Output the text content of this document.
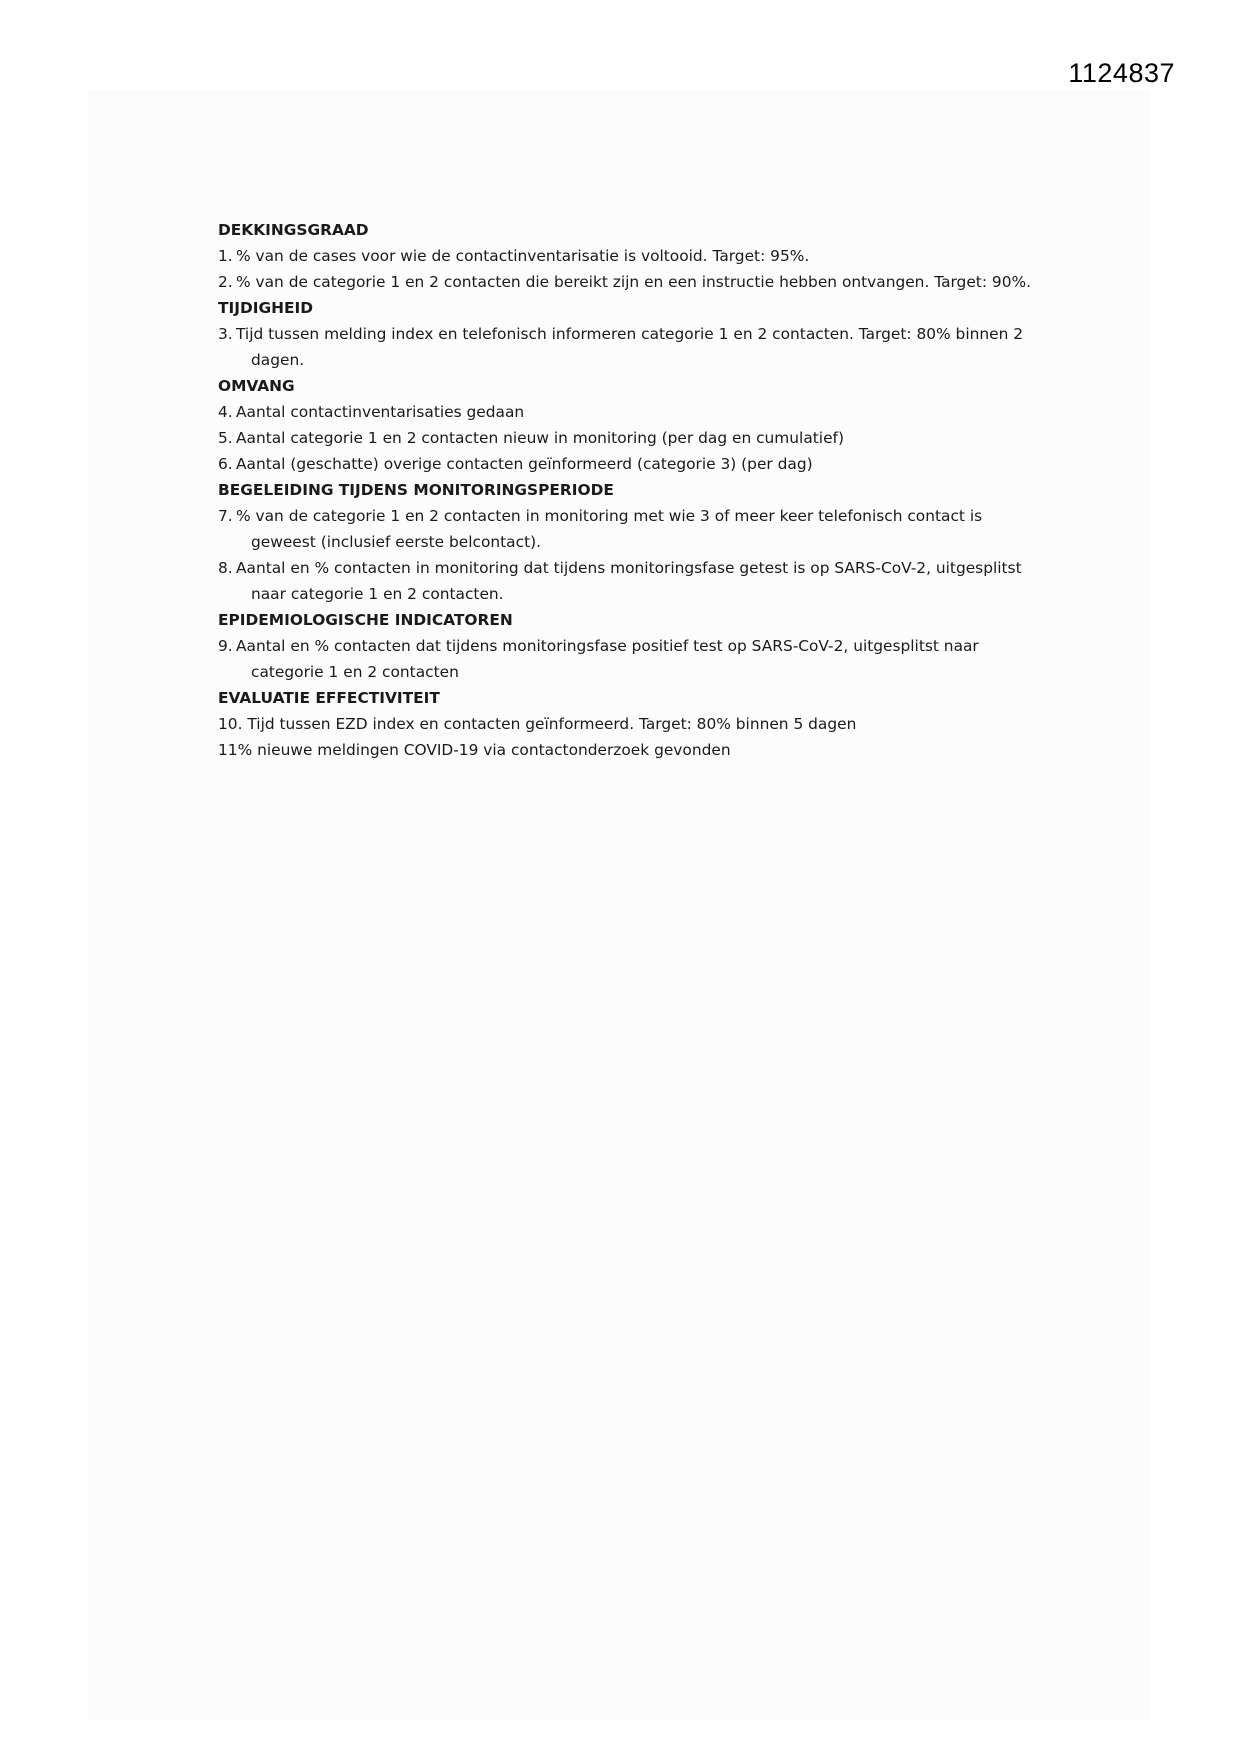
1124837

DEKKINGSGRAAD

1. % van de cases voor wie de contactinventarisatie is voltooid. Target: 95%.

2. % van de categorie 1 en 2 contacten die bereikt zijn en een instructie hebben ontvangen. Target: 90%.

TIJDIGHEID

3. Tijd tussen melding index en telefonisch informeren categorie 1 en 2 contacten. Target: 80% binnen 2 dagen.

OMVANG

4. Aantal contactinventarisaties gedaan

5. Aantal categorie 1 en 2 contacten nieuw in monitoring (per dag en cumulatief)

6. Aantal (geschatte) overige contacten geïnformeerd (categorie 3) (per dag)

BEGELEIDING TIJDENS MONITORINGSPERIODE

7. % van de categorie 1 en 2 contacten in monitoring met wie 3 of meer keer telefonisch contact is geweest (inclusief eerste belcontact).

8. Aantal en % contacten in monitoring dat tijdens monitoringsfase getest is op SARS-CoV-2, uitgesplitst naar categorie 1 en 2 contacten.

EPIDEMIOLOGISCHE INDICATOREN

9. Aantal en % contacten dat tijdens monitoringsfase positief test op SARS-CoV-2, uitgesplitst naar categorie 1 en 2 contacten

EVALUATIE EFFECTIVITEIT

10. Tijd tussen EZD index en contacten geïnformeerd. Target: 80% binnen 5 dagen

11% nieuwe meldingen COVID-19 via contactonderzoek gevonden
